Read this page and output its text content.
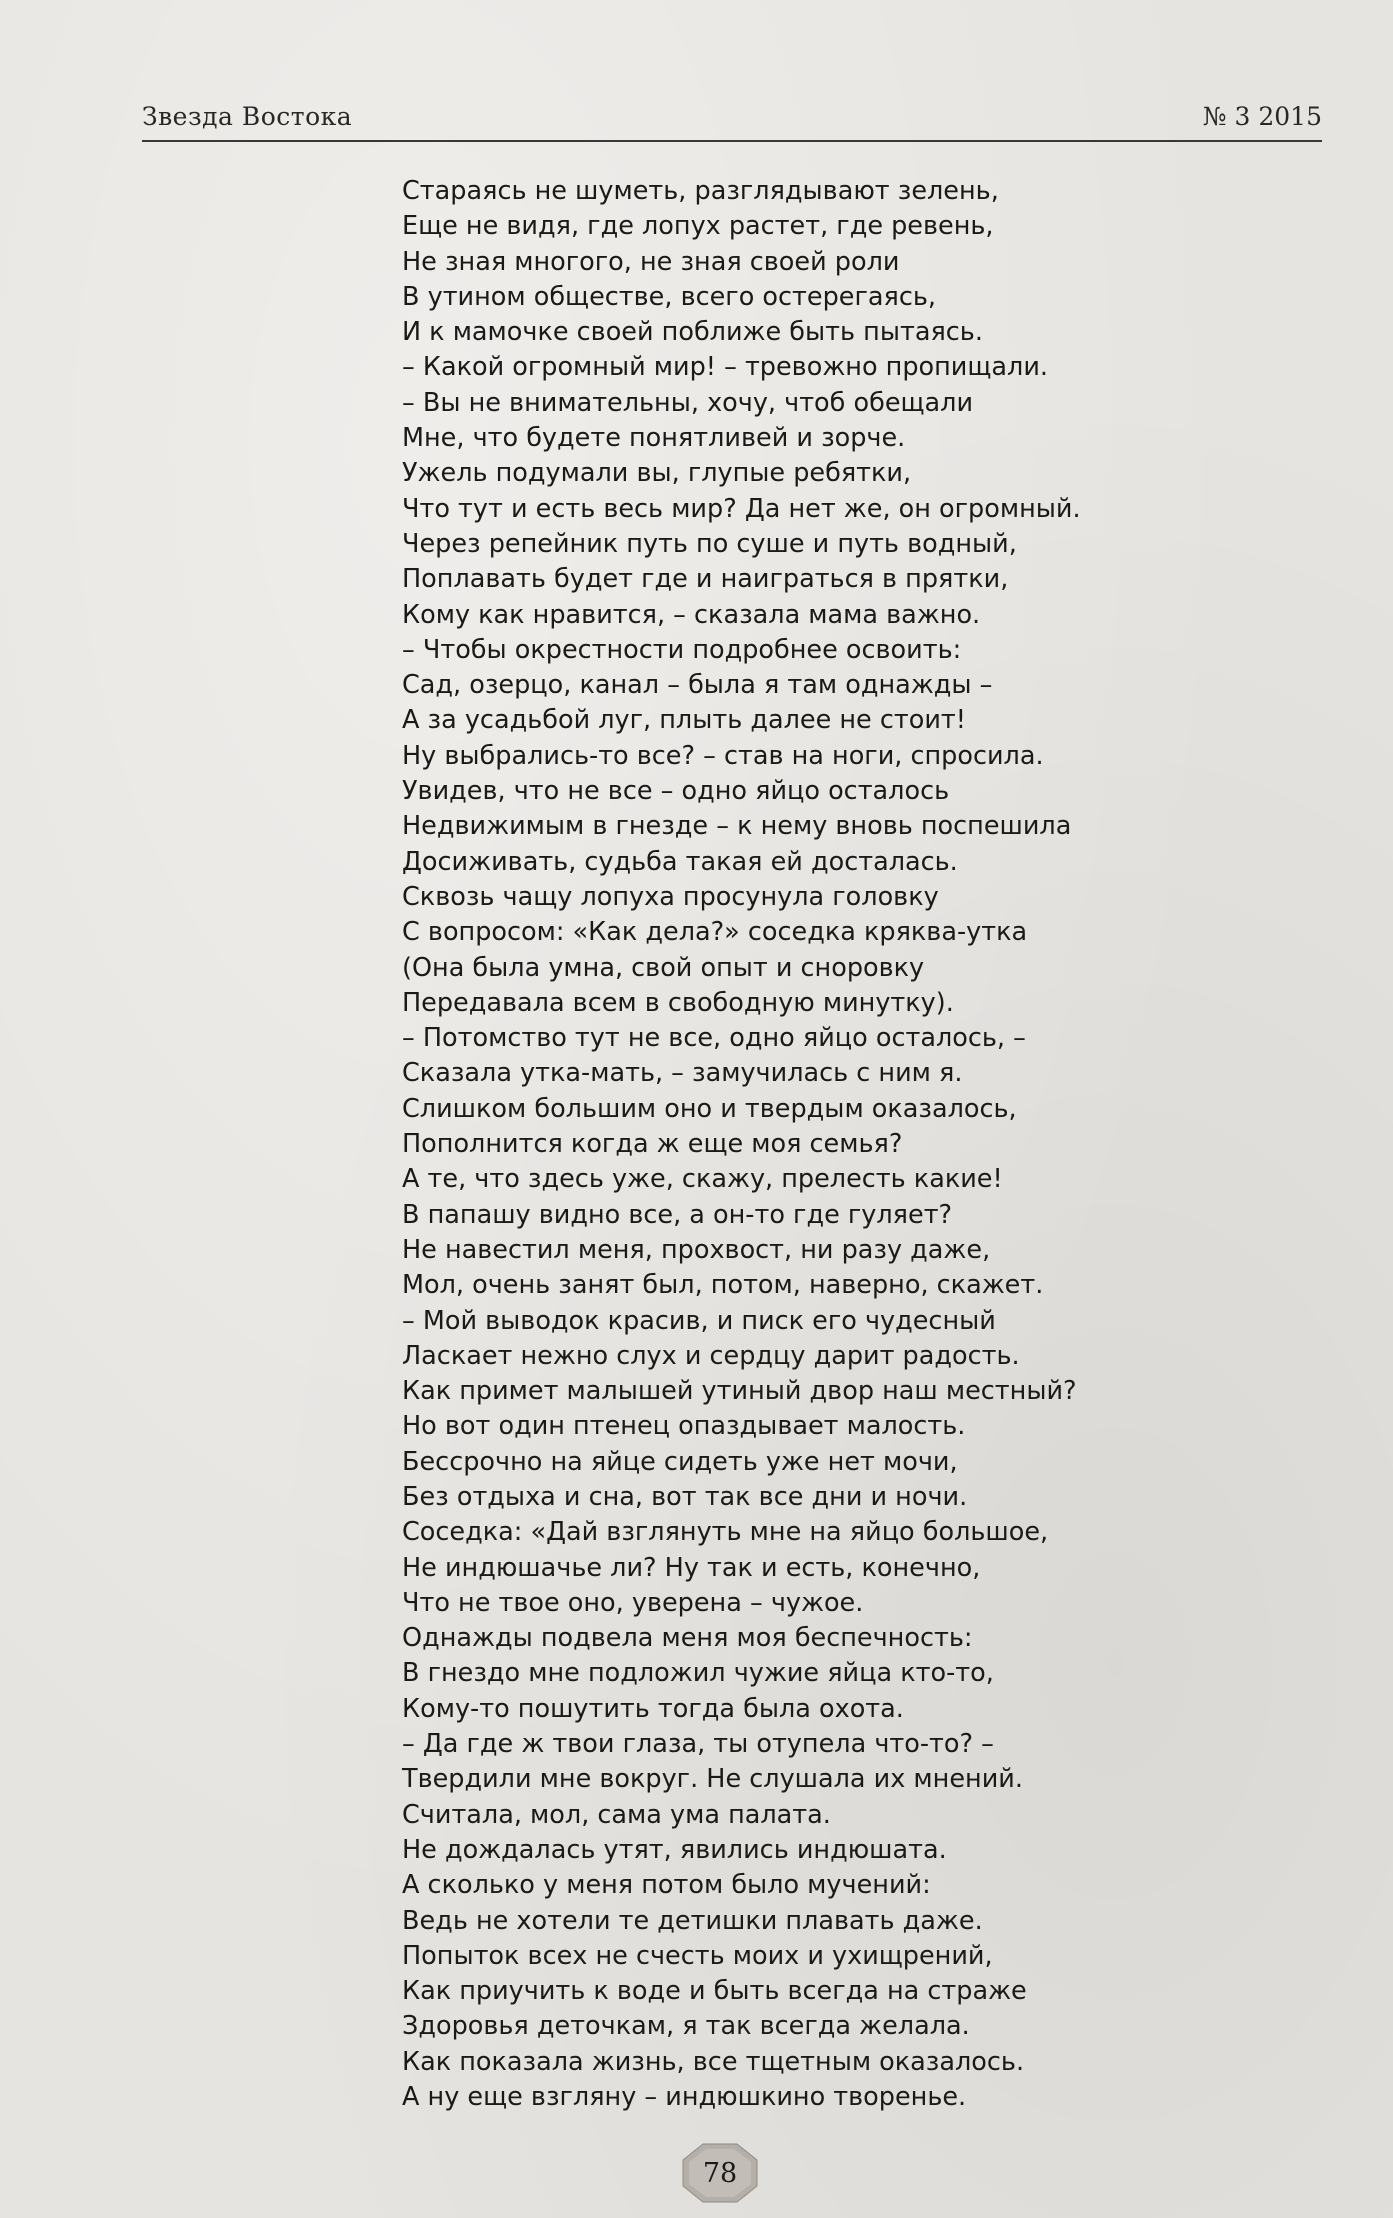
Звезда Востока	№ 3 2015
Стараясь не шуметь, разглядывают зелень,
Еще не видя, где лопух растет, где ревень,
Не зная многого, не зная своей роли
В утином обществе, всего остерегаясь,
И к мамочке своей поближе быть пытаясь.
– Какой огромный мир! – тревожно пропищали.
– Вы не внимательны, хочу, чтоб обещали
Мне, что будете понятливей и зорче.
Ужель подумали вы, глупые ребятки,
Что тут и есть весь мир? Да нет же, он огромный.
Через репейник путь по суше и путь водный,
Поплавать будет где и наиграться в прятки,
Кому как нравится, – сказала мама важно.
– Чтобы окрестности подробнее освоить:
Сад, озерцо, канал – была я там однажды –
А за усадьбой луг, плыть далее не стоит!
Ну выбрались-то все? – став на ноги, спросила.
Увидев, что не все – одно яйцо осталось
Недвижимым в гнезде – к нему вновь поспешила
Досиживать, судьба такая ей досталась.
Сквозь чащу лопуха просунула головку
С вопросом: «Как дела?» соседка кряква-утка
(Она была умна, свой опыт и сноровку
Передавала всем в свободную минутку).
– Потомство тут не все, одно яйцо осталось, –
Сказала утка-мать, – замучилась с ним я.
Слишком большим оно и твердым оказалось,
Пополнится когда ж еще моя семья?
А те, что здесь уже, скажу, прелесть какие!
В папашу видно все, а он-то где гуляет?
Не навестил меня, прохвост, ни разу даже,
Мол, очень занят был, потом, наверно, скажет.
– Мой выводок красив, и писк его чудесный
Ласкает нежно слух и сердцу дарит радость.
Как примет малышей утиный двор наш местный?
Но вот один птенец опаздывает малость.
Бессрочно на яйце сидеть уже нет мочи,
Без отдыха и сна, вот так все дни и ночи.
Соседка: «Дай взглянуть мне на яйцо большое,
Не индюшачье ли? Ну так и есть, конечно,
Что не твое оно, уверена – чужое.
Однажды подвела меня моя беспечность:
В гнездо мне подложил чужие яйца кто-то,
Кому-то пошутить тогда была охота.
– Да где ж твои глаза, ты отупела что-то? –
Твердили мне вокруг. Не слушала их мнений.
Считала, мол, сама ума палата.
Не дождалась утят, явились индюшата.
А сколько у меня потом было мучений:
Ведь не хотели те детишки плавать даже.
Попыток всех не счесть моих и ухищрений,
Как приучить к воде и быть всегда на страже
Здоровья деточкам, я так всегда желала.
Как показала жизнь, все тщетным оказалось.
А ну еще взгляну – индюшкино творенье.
78
